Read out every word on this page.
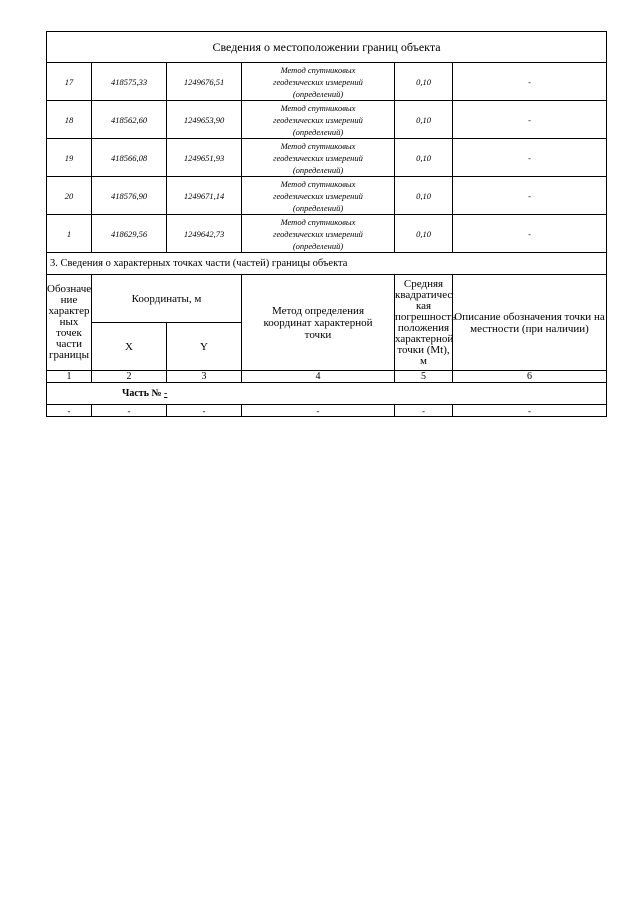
Сведения о местоположении границ объекта					
17	418575,33	1249676,51	Метод спутниковых
геодезических измерений
(определений)	0,10	-
18	418562,60	1249653,90	Метод спутниковых
геодезических измерений
(определений)	0,10	-
19	418566,08	1249651,93	Метод спутниковых
геодезических измерений
(определений)	0,10	-
20	418576,90	1249671,14	Метод спутниковых
геодезических измерений
(определений)	0,10	-
1	418629,56	1249642,73	Метод спутниковых
геодезических измерений
(определений)	0,10	-
3. Сведения о характерных точках части (частей) границы объекта					
Обозначе ние характер ных точек части границы	Координаты, м		Метод определения координат характерной точки	Средняя квадратичес кая погрешность положения характерной точки (Mt), м	Описание обозначения точки на местности (при наличии)
	X	Y			
1	2	3	4	5	6
Часть № -					
-	-	-	-	-	-
